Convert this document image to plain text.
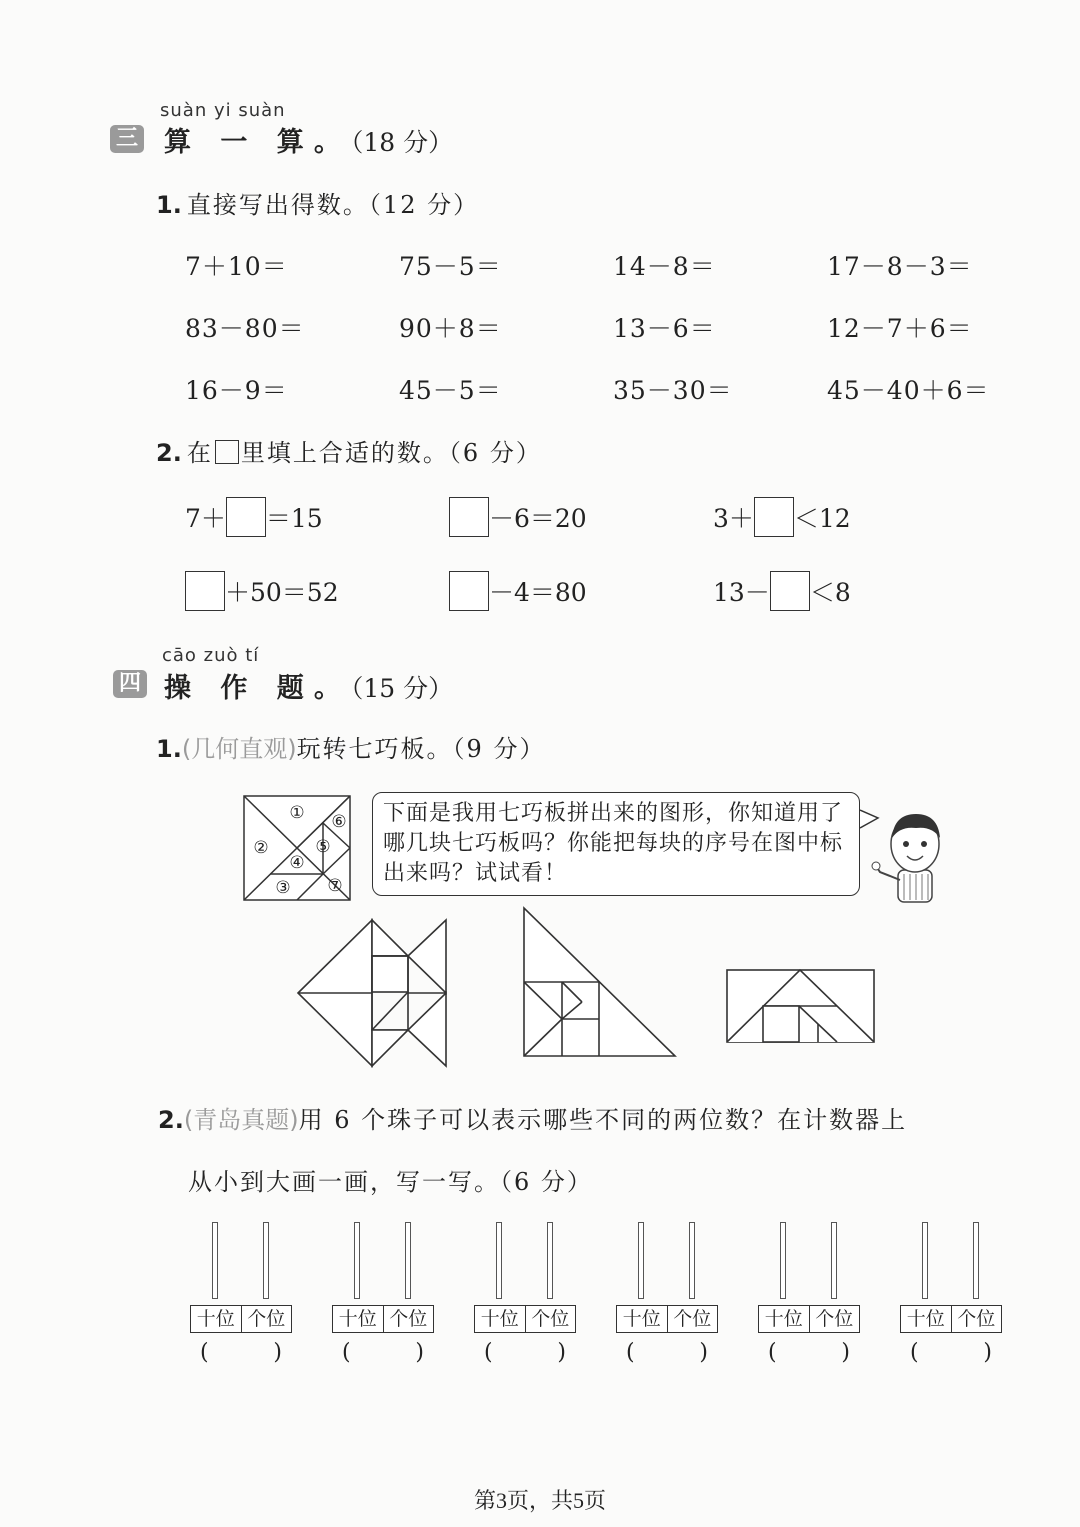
suàn yi suàn
三 算 一 算。（18 分）
1. 直接写出得数。（12 分）
7＋10＝	75－5＝	14－8＝	17－8－3＝
83－80＝	90＋8＝	13－6＝	12－7＋6＝
16－9＝	45－5＝	35－30＝	45－40＋6＝
2. 在 里填上合适的数。（6 分）
7＋ ＝15	－6＝20	3＋ ＜12
＋50＝52	－4＝80	13－ ＜8
cāo zuò tí
四 操 作 题。（15 分）
1.(几何直观)玩转七巧板。（9 分）
①
②
③
④
⑤
⑥
⑦
下面是我用七巧板拼出来的图形，你知道用了哪几块七巧板吗？你能把每块的序号在图中标出来吗？试试看！
2.(青岛真题)用 6 个珠子可以表示哪些不同的两位数？在计数器上
从小到大画一画，写一写。（6 分）
十位 个位
(	)
十位 个位
(	)
十位 个位
(	)
十位 个位
(	)
十位 个位
(	)
十位 个位
(	)
第3页，共5页
